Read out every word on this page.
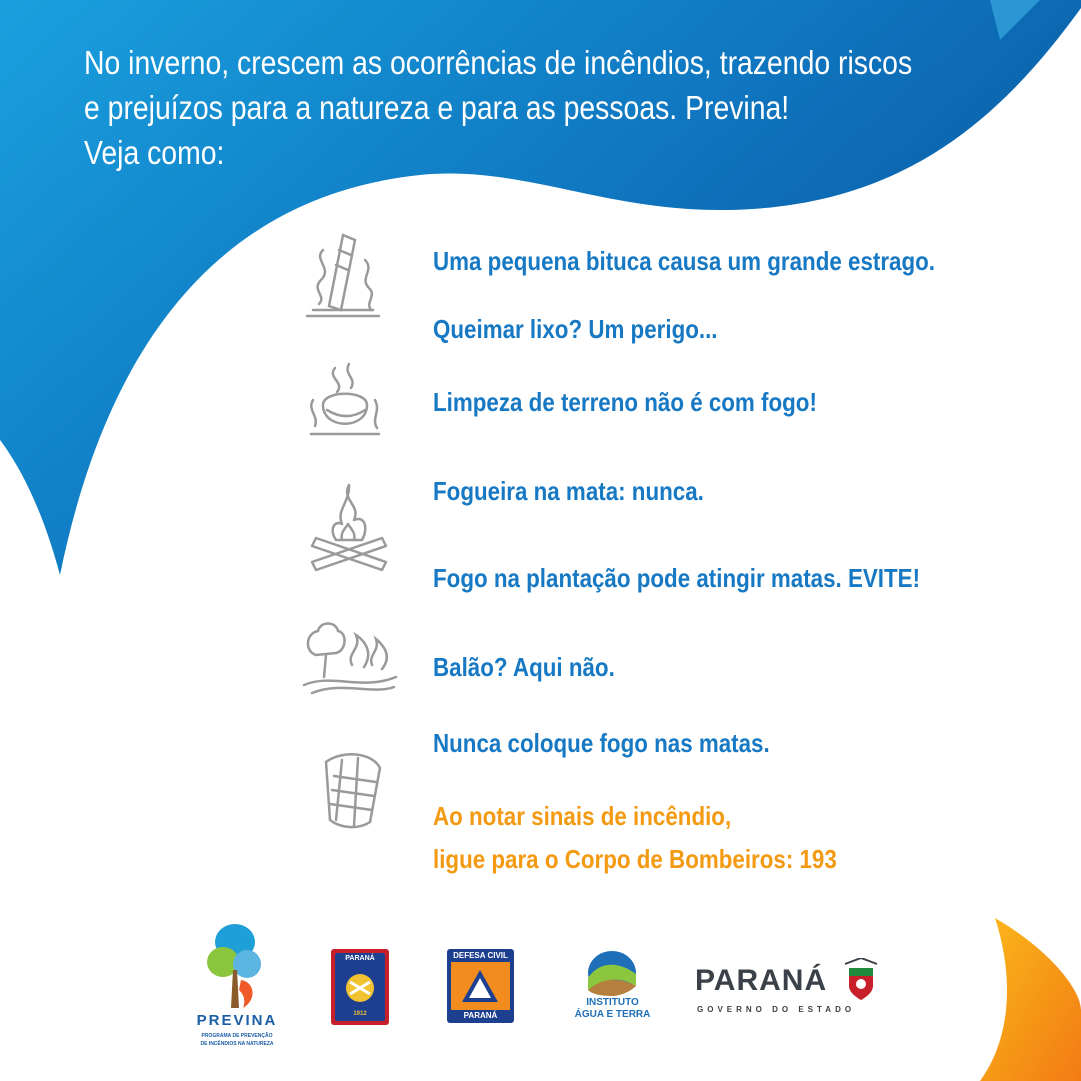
No inverno, crescem as ocorrências de incêndios, trazendo riscos
e prejuízos para a natureza e para as pessoas. Previna!
Veja como:
Uma pequena bituca causa um grande estrago.
Queimar lixo? Um perigo...
Limpeza de terreno não é com fogo!
Fogueira na mata: nunca.
Fogo na plantação pode atingir matas. EVITE!
Balão? Aqui não.
Nunca coloque fogo nas matas.
Ao notar sinais de incêndio,
ligue para o Corpo de Bombeiros: 193
PREVINA
PROGRAMA DE PREVENÇÃO
DE INCÊNDIOS NA NATUREZA
PARANÁ
1912
DEFESA CIVIL
PARANÁ
INSTITUTO
ÁGUA E TERRA
PARANÁ
GOVERNO DO ESTADO
